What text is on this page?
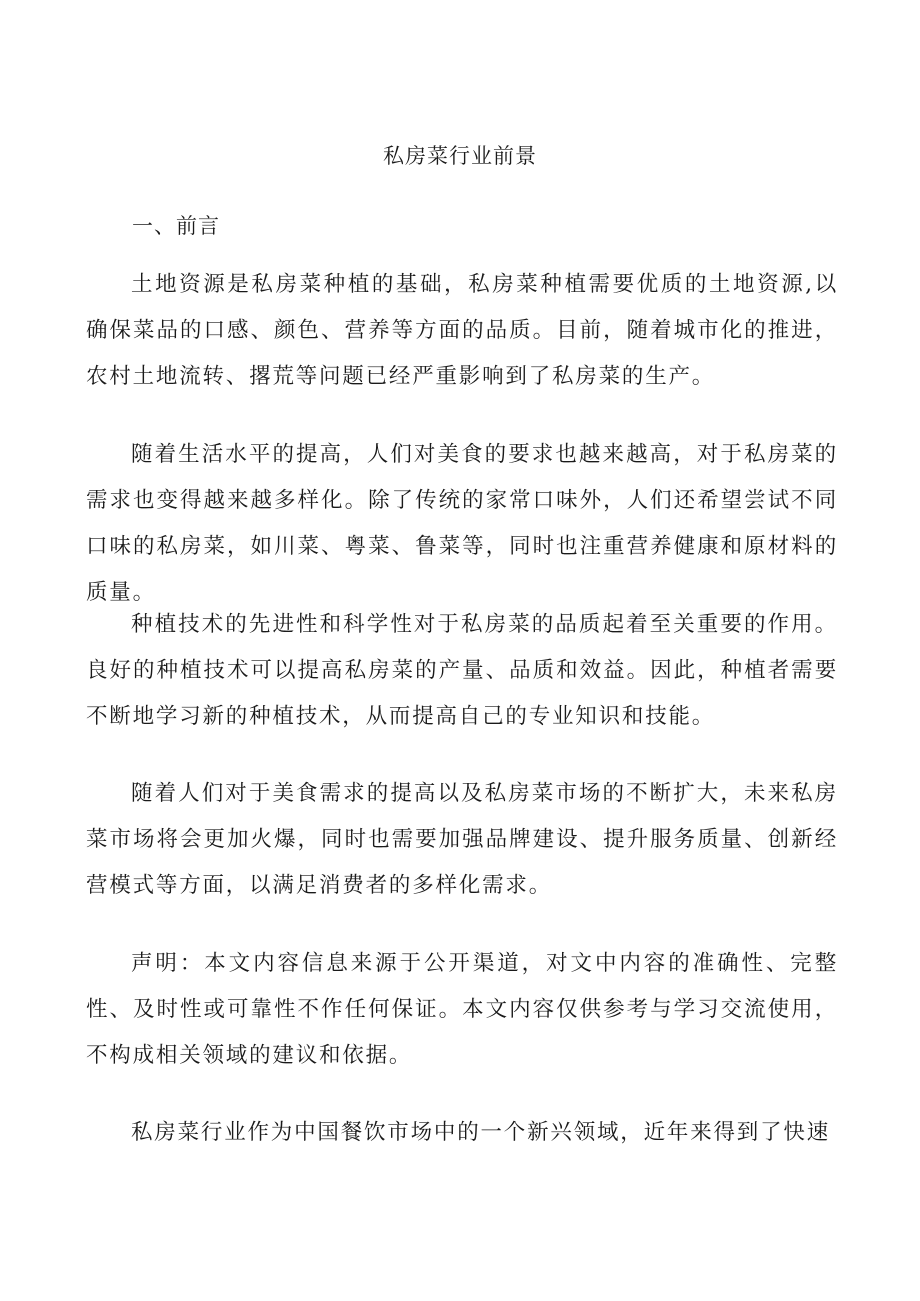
私房菜行业前景
一、前言

土地资源是私房菜种植的基础，私房菜种植需要优质的土地资源,以确保菜品的口感、颜色、营养等方面的品质。目前，随着城市化的推进，农村土地流转、撂荒等问题已经严重影响到了私房菜的生产。

随着生活水平的提高，人们对美食的要求也越来越高，对于私房菜的需求也变得越来越多样化。除了传统的家常口味外，人们还希望尝试不同口味的私房菜，如川菜、粤菜、鲁菜等，同时也注重营养健康和原材料的质量。

种植技术的先进性和科学性对于私房菜的品质起着至关重要的作用。良好的种植技术可以提高私房菜的产量、品质和效益。因此，种植者需要不断地学习新的种植技术，从而提高自己的专业知识和技能。

随着人们对于美食需求的提高以及私房菜市场的不断扩大，未来私房菜市场将会更加火爆，同时也需要加强品牌建设、提升服务质量、创新经营模式等方面，以满足消费者的多样化需求。

声明：本文内容信息来源于公开渠道，对文中内容的准确性、完整性、及时性或可靠性不作任何保证。本文内容仅供参考与学习交流使用，不构成相关领域的建议和依据。

私房菜行业作为中国餐饮市场中的一个新兴领域，近年来得到了快速
